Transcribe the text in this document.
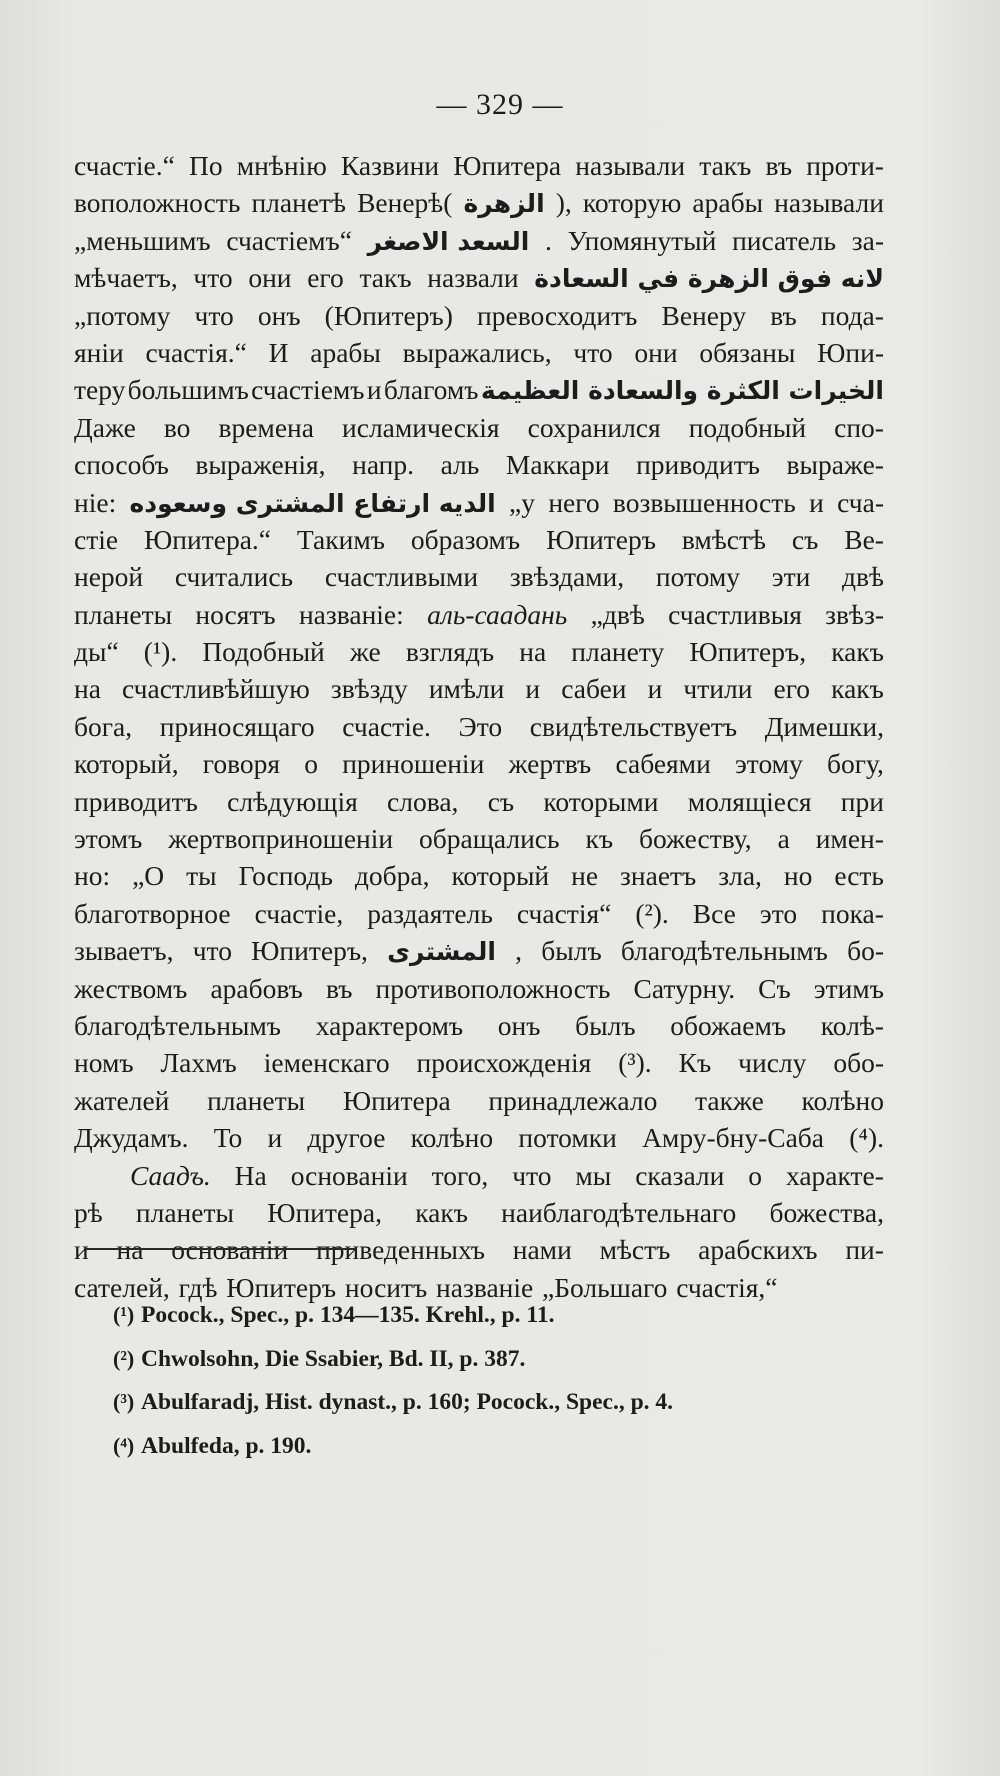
— 329 —
счастіе.“ По мнѣнію Казвини Юпитера называли такъ въ проти-
воположность планетѣ Венерѣ( الزهرة ), которую арабы называли
„меньшимъ счастіемъ“ السعد الاصغر . Упомянутый писатель за-
мѣчаетъ, что они его такъ назвали لانه فوق الزهرة في السعادة
„потому что онъ (Юпитеръ) превосходитъ Венеру въ пода-
яніи счастія.“ И арабы выражались, что они обязаны Юпи-
теру большимъ счастіемъ и благомъ الخيرات الكثرة والسعادة العظيمة
Даже во времена исламическія сохранился подобный спо-
способъ выраженія, напр. аль Маккари приводитъ выраже-
ніе: الديه ارتفاع المشترى وسعوده „у него возвышенность и сча-
стіе Юпитера.“ Такимъ образомъ Юпитеръ вмѣстѣ съ Ве-
нерой считались счастливыми звѣздами, потому эти двѣ
планеты носятъ названіе: аль-саадань „двѣ счастливыя звѣз-
ды“ (¹). Подобный же взглядъ на планету Юпитеръ, какъ
на счастливѣйшую звѣзду имѣли и сабеи и чтили его какъ
бога, приносящаго счастіе. Это свидѣтельствуетъ Димешки,
который, говоря о приношеніи жертвъ сабеями этому богу,
приводитъ слѣдующія слова, съ которыми молящіеся при
этомъ жертвоприношеніи обращались къ божеству, а имен-
но: „О ты Господь добра, который не знаетъ зла, но есть
благотворное счастіе, раздаятель счастія“ (²). Все это пока-
зываетъ, что Юпитеръ, المشترى , былъ благодѣтельнымъ бо-
жествомъ арабовъ въ противоположность Сатурну. Съ этимъ
благодѣтельнымъ характеромъ онъ былъ обожаемъ колѣ-
номъ Лахмъ іеменскаго происхожденія (³). Къ числу обо-
жателей планеты Юпитера принадлежало также колѣно
Джудамъ. То и другое колѣно потомки Амру-бну-Саба (⁴).
Саадъ. На основаніи того, что мы сказали о характе-
рѣ планеты Юпитера, какъ наиблагодѣтельнаго божества,
и на основаніи приведенныхъ нами мѣстъ арабскихъ пи-
сателей, гдѣ Юпитеръ носитъ названіе „Большаго счастія,“
(¹) Pocock., Spec., p. 134—135. Krehl., p. 11.
(²) Chwolsohn, Die Ssabier, Bd. II, p. 387.
(³) Abulfaradj, Hist. dynast., p. 160; Pocock., Spec., p. 4.
(⁴) Abulfeda, p. 190.
